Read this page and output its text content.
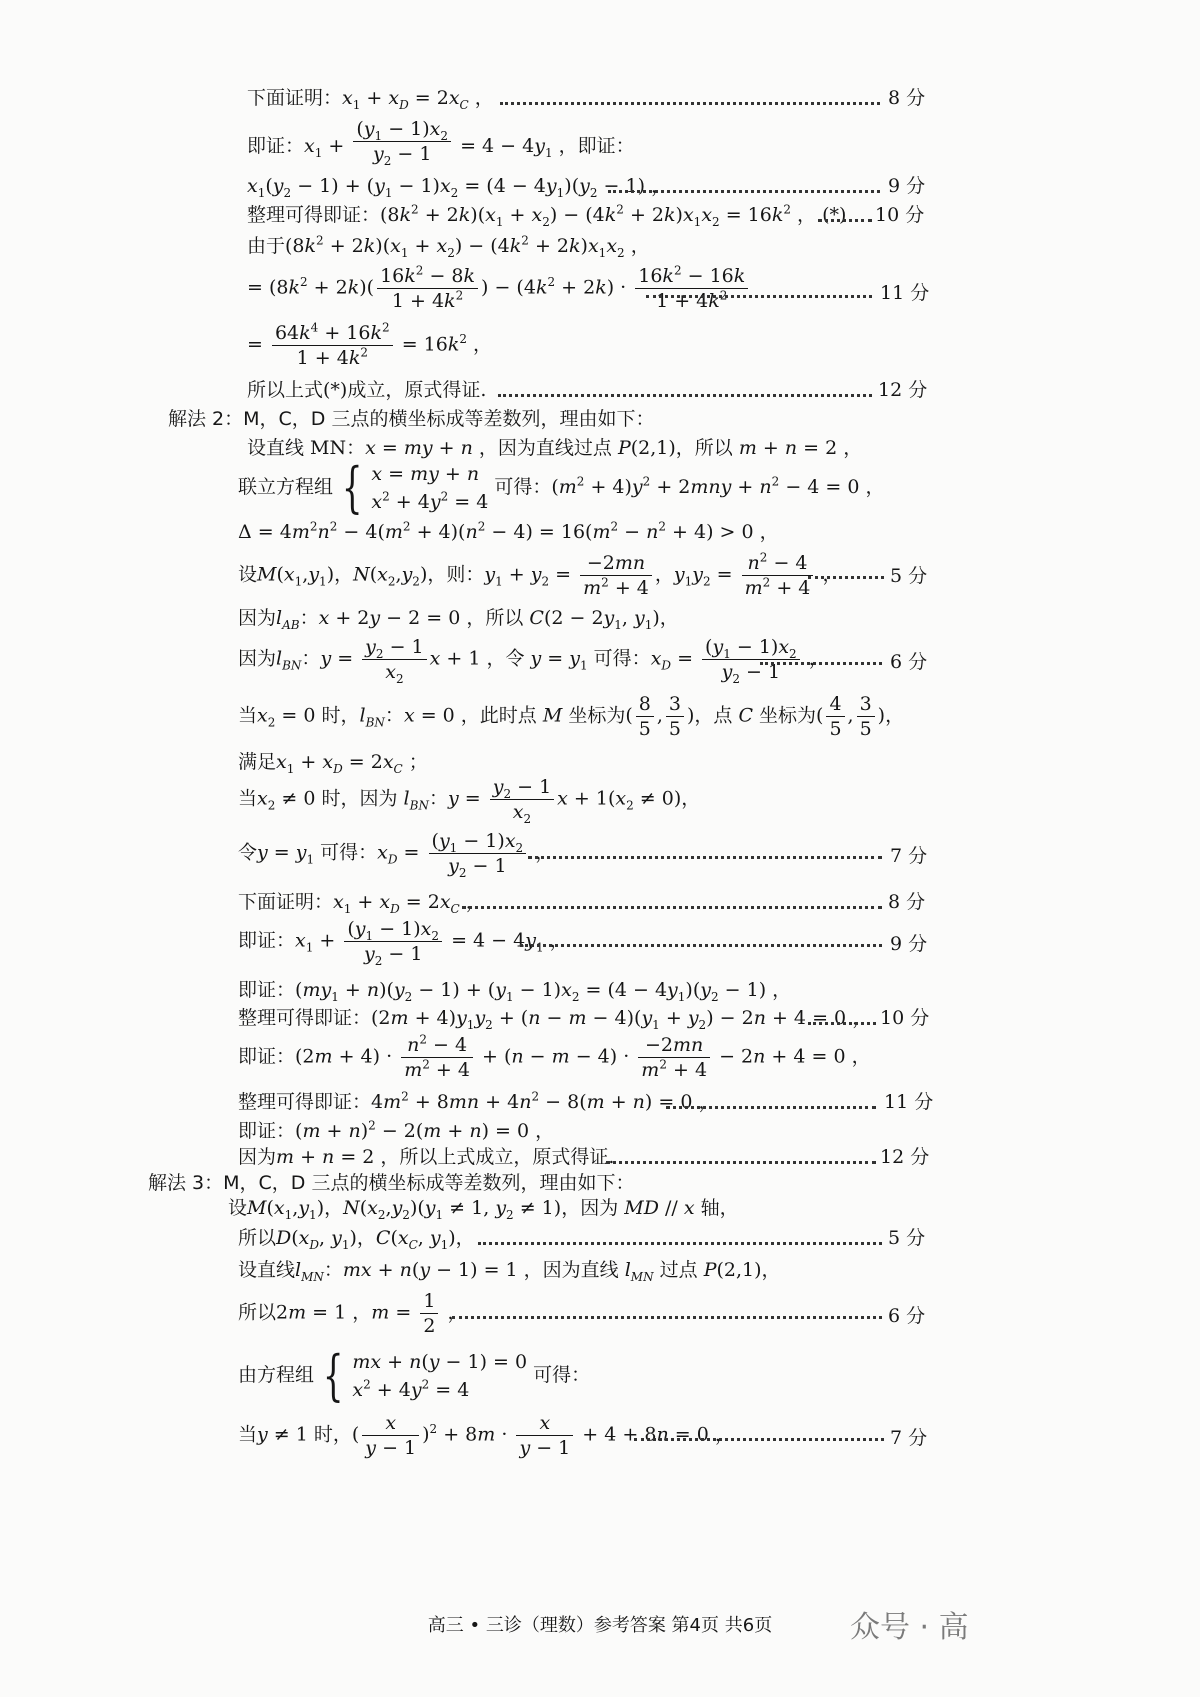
下面证明：$x_1 + x_D = 2x_C$ ，	8 分
即证：$x_1 + \frac{(y_1 - 1)x_2}{y_2 - 1} = 4 - 4y_1$ ，即证：
$x_1(y_2 - 1) + (y_1 - 1)x_2 = (4 - 4y_1)(y_2 - 1)$ ，	9 分
整理可得即证：$(8k^2 + 2k)(x_1 + x_2) - (4k^2 + 2k)x_1x_2 = 16k^2$ ， (*) 10 分
由于$(8k^2 + 2k)(x_1 + x_2) - (4k^2 + 2k)x_1x_2$ ，
= $(8k^2 + 2k)( \frac{16k^2 - 8k}{1 + 4k^2}$ ) − $(4k^2 + 2k) \cdot \frac{16k^2 - 16k}{1 + 4k^2}$	11 分
= $\frac{64k^4 + 16k^2}{1 + 4k^2} = 16k^2$ ，
所以上式(*)成立，原式得证.	12 分
解法 2：M，C，D 三点的横坐标成等差数列，理由如下：
设直线 MN：x = my + n ，因为直线过点 P(2,1)，所以 m + n = 2 ，
联立方程组 { x = my + n
$x^2 + 4y^2 = 4$ 可得：$(m^2 + 4)y^2 + 2mny + n^2 - 4 = 0$ ，
$\Delta = 4m^2n^2 - 4(m^2 + 4)(n^2 - 4) = 16(m^2 - n^2 + 4) > 0$ ，
设$M(x_1,y_1)$，$N(x_2,y_2)$，则：$y_1 + y_2 = \frac{-2mn}{m^2 + 4}$ ，$y_1y_2 = \frac{n^2 - 4}{m^2 + 4}$ ，	5 分
因为$l_{AB}$：x + 2y − 2 = 0 ，所以 $C(2 - 2y_1$, $y_1$)，
因为$l_{BN}$：$y = \frac{y_2 - 1}{x_2}$ x + 1 ，令 $y = y_1$ 可得：$x_D = \frac{(y_1 - 1)x_2}{y_2 - 1}$ ，	6 分
当$x_2 = 0$ 时，$l_{BN}$：x = 0 ，此时点 M 坐标为( $\frac{8}{5}$ , $\frac{3}{5}$ )，点 C 坐标为( $\frac{4}{5}$ , $\frac{3}{5}$ )，
满足$x_1 + x_D = 2x_C$ ；
当$x_2 \ne 0$ 时，因为 $l_{BN}$：$y = \frac{y_2 - 1}{x_2}$ $x + 1(x_2 \ne 0)$，
令$y = y_1$ 可得：$x_D = \frac{(y_1 - 1)x_2}{y_2 - 1}$ ，	7 分
下面证明：$x_1 + x_D = 2x_C$ ，	8 分
即证：$x_1 + \frac{(y_1 - 1)x_2}{y_2 - 1} = 4 - 4y_1$ ，	9 分
即证：$(my_1 + n)(y_2 - 1) + (y_1 - 1)x_2 = (4 - 4y_1)(y_2 - 1)$ ，
整理可得即证：$(2m + 4)y_1y_2 + (n - m - 4)(y_1 + y_2) - 2n + 4 = 0$ ， 10 分
即证：$(2m + 4) \cdot \frac{n^2 - 4}{m^2 + 4} + (n - m - 4) \cdot \frac{-2mn}{m^2 + 4} - 2n + 4 = 0$ ，
整理可得即证：$4m^2 + 8mn + 4n^2 - 8(m + n) = 0$ ，	11 分
即证：$(m + n)^2 - 2(m + n) = 0$ ，
因为m + n = 2 ，所以上式成立，原式得证.	12 分
解法 3：M，C，D 三点的横坐标成等差数列，理由如下：
设$M(x_1,y_1)$，$N(x_2,y_2)(y_1 \ne 1$, $y_2 \ne 1$)，因为 MD // x 轴，
所以$D(x_D$, $y_1$)，$C(x_C$, $y_1$)，	5 分
设直线$l_{MN}$：mx + n(y − 1) = 1 ，因为直线 $l_{MN}$ 过点 P(2,1)，
所以2m = 1 ，$m = \frac{1}{2}$ ，	6 分
由方程组 { mx + n(y − 1) = 0
$x^2 + 4y^2 = 4$ 可得：
当y ≠ 1 时，( $\frac{x}{y - 1} )^2 + 8m \cdot \frac{x}{y - 1} + 4 + 8n = 0$ ，	7 分
高三 • 三诊（理数）参考答案 第4页 共6页	众号 · 高
